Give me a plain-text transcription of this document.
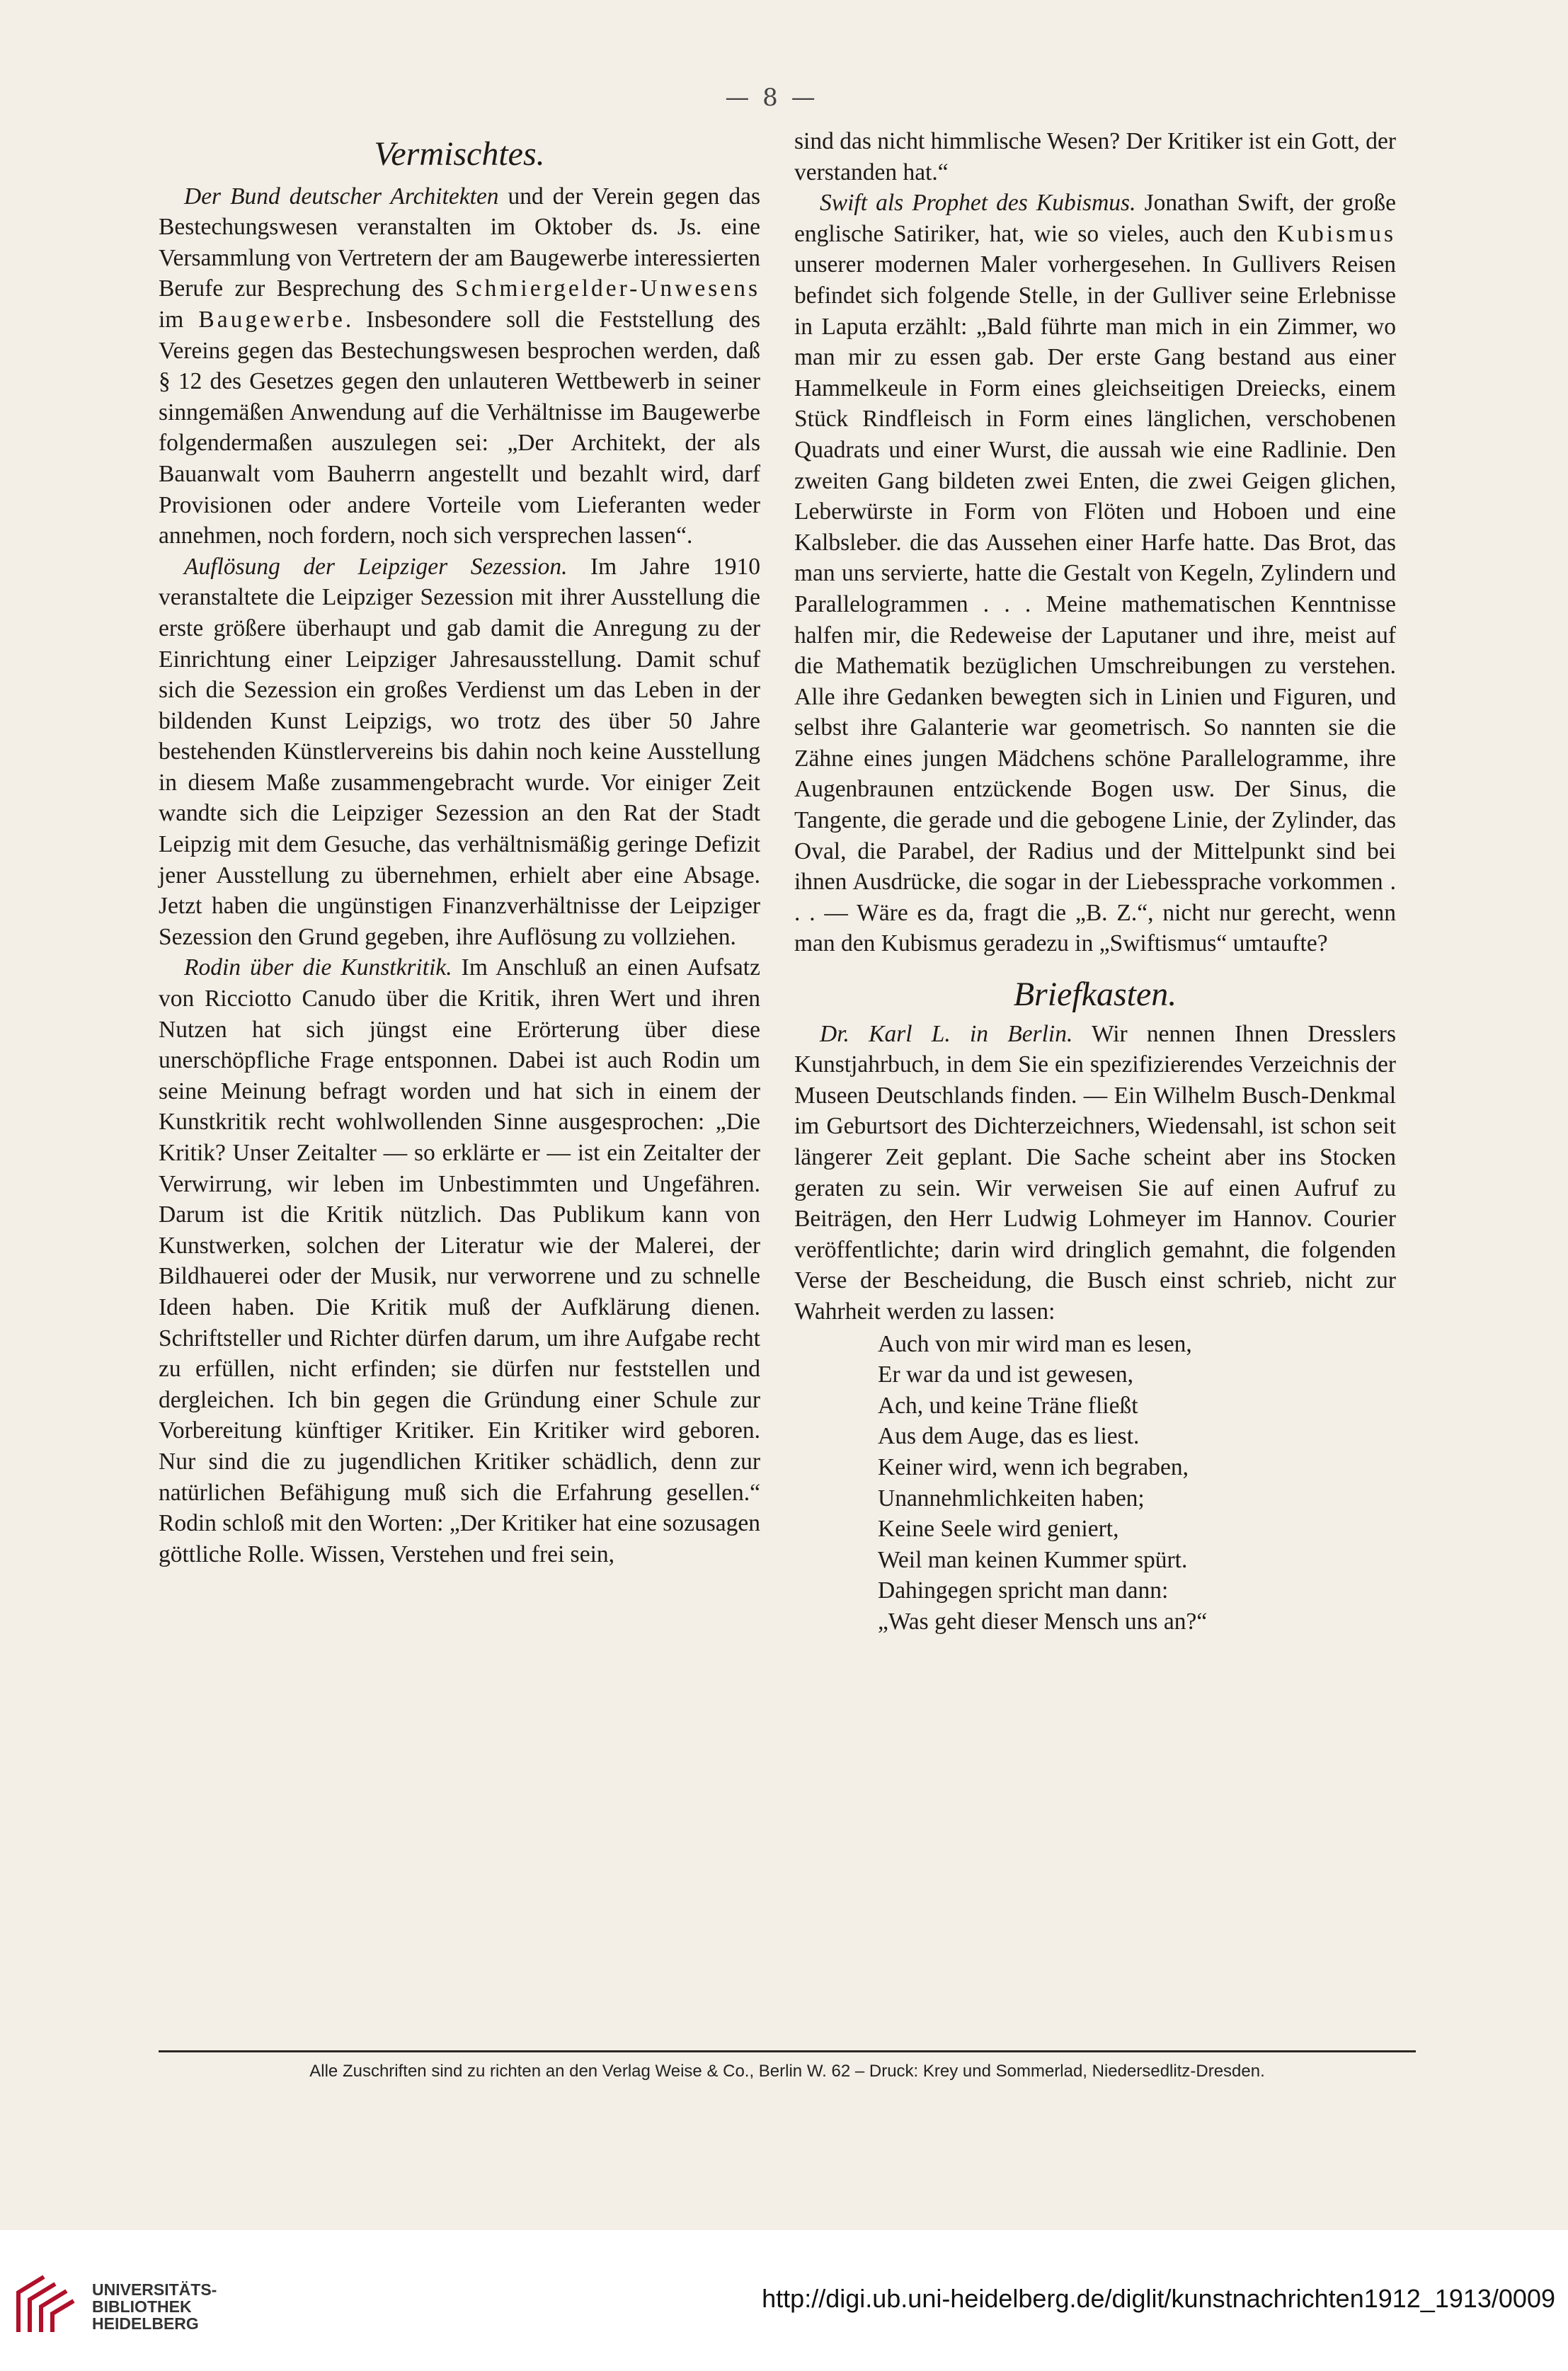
— 8 —
Vermischtes.

Der Bund deutscher Architekten und der Verein gegen das Bestechungswesen veranstalten im Oktober ds. Js. eine Versammlung von Vertretern der am Baugewerbe interessierten Berufe zur Besprechung des Schmiergelder-Unwesens im Baugewerbe. Insbesondere soll die Feststellung des Vereins gegen das Bestechungswesen besprochen werden, daß § 12 des Gesetzes gegen den unlauteren Wettbewerb in seiner sinngemäßen Anwendung auf die Verhältnisse im Baugewerbe folgendermaßen auszulegen sei: „Der Architekt, der als Bauanwalt vom Bauherrn angestellt und bezahlt wird, darf Provisionen oder andere Vorteile vom Lieferanten weder annehmen, noch fordern, noch sich versprechen lassen“.

Auflösung der Leipziger Sezession. Im Jahre 1910 veranstaltete die Leipziger Sezession mit ihrer Ausstellung die erste größere überhaupt und gab damit die Anregung zu der Einrichtung einer Leipziger Jahresausstellung. Damit schuf sich die Sezession ein großes Verdienst um das Leben in der bildenden Kunst Leipzigs, wo trotz des über 50 Jahre bestehenden Künstlervereins bis dahin noch keine Ausstellung in diesem Maße zusammengebracht wurde. Vor einiger Zeit wandte sich die Leipziger Sezession an den Rat der Stadt Leipzig mit dem Gesuche, das verhältnismäßig geringe Defizit jener Ausstellung zu übernehmen, erhielt aber eine Absage. Jetzt haben die ungünstigen Finanzverhältnisse der Leipziger Sezession den Grund gegeben, ihre Auflösung zu vollziehen.

Rodin über die Kunstkritik. Im Anschluß an einen Aufsatz von Ricciotto Canudo über die Kritik, ihren Wert und ihren Nutzen hat sich jüngst eine Erörterung über diese unerschöpfliche Frage entsponnen. Dabei ist auch Rodin um seine Meinung befragt worden und hat sich in einem der Kunstkritik recht wohlwollenden Sinne ausgesprochen: „Die Kritik? Unser Zeitalter — so erklärte er — ist ein Zeitalter der Verwirrung, wir leben im Unbestimmten und Ungefähren. Darum ist die Kritik nützlich. Das Publikum kann von Kunstwerken, solchen der Literatur wie der Malerei, der Bildhauerei oder der Musik, nur verworrene und zu schnelle Ideen haben. Die Kritik muß der Aufklärung dienen. Schriftsteller und Richter dürfen darum, um ihre Aufgabe recht zu erfüllen, nicht erfinden; sie dürfen nur feststellen und dergleichen. Ich bin gegen die Gründung einer Schule zur Vorbereitung künftiger Kritiker. Ein Kritiker wird geboren. Nur sind die zu jugendlichen Kritiker schädlich, denn zur natürlichen Befähigung muß sich die Erfahrung gesellen.“ Rodin schloß mit den Worten: „Der Kritiker hat eine sozusagen göttliche Rolle. Wissen, Verstehen und frei sein,

sind das nicht himmlische Wesen? Der Kritiker ist ein Gott, der verstanden hat.“

Swift als Prophet des Kubismus. Jonathan Swift, der große englische Satiriker, hat, wie so vieles, auch den Kubismus unserer modernen Maler vorhergesehen. In Gullivers Reisen befindet sich folgende Stelle, in der Gulliver seine Erlebnisse in Laputa erzählt: „Bald führte man mich in ein Zimmer, wo man mir zu essen gab. Der erste Gang bestand aus einer Hammelkeule in Form eines gleichseitigen Dreiecks, einem Stück Rindfleisch in Form eines länglichen, verschobenen Quadrats und einer Wurst, die aussah wie eine Radlinie. Den zweiten Gang bildeten zwei Enten, die zwei Geigen glichen, Leberwürste in Form von Flöten und Hoboen und eine Kalbsleber. die das Aussehen einer Harfe hatte. Das Brot, das man uns servierte, hatte die Gestalt von Kegeln, Zylindern und Parallelogrammen . . . Meine mathematischen Kenntnisse halfen mir, die Redeweise der Laputaner und ihre, meist auf die Mathematik bezüglichen Umschreibungen zu verstehen. Alle ihre Gedanken bewegten sich in Linien und Figuren, und selbst ihre Galanterie war geometrisch. So nannten sie die Zähne eines jungen Mädchens schöne Parallelogramme, ihre Augenbraunen entzückende Bogen usw. Der Sinus, die Tangente, die gerade und die gebogene Linie, der Zylinder, das Oval, die Parabel, der Radius und der Mittelpunkt sind bei ihnen Ausdrücke, die sogar in der Liebessprache vorkommen . . . — Wäre es da, fragt die „B. Z.“, nicht nur gerecht, wenn man den Kubismus geradezu in „Swiftismus“ umtaufte?

Briefkasten.

Dr. Karl L. in Berlin. Wir nennen Ihnen Dresslers Kunstjahrbuch, in dem Sie ein spezifizierendes Verzeichnis der Museen Deutschlands finden. — Ein Wilhelm Busch-Denkmal im Geburtsort des Dichterzeichners, Wiedensahl, ist schon seit längerer Zeit geplant. Die Sache scheint aber ins Stocken geraten zu sein. Wir verweisen Sie auf einen Aufruf zu Beiträgen, den Herr Ludwig Lohmeyer im Hannov. Courier veröffentlichte; darin wird dringlich gemahnt, die folgenden Verse der Bescheidung, die Busch einst schrieb, nicht zur Wahrheit werden zu lassen:

Auch von mir wird man es lesen,
Er war da und ist gewesen,
Ach, und keine Träne fließt
Aus dem Auge, das es liest.
Keiner wird, wenn ich begraben,
Unannehmlichkeiten haben;
Keine Seele wird geniert,
Weil man keinen Kummer spürt.
Dahingegen spricht man dann:
„Was geht dieser Mensch uns an?“
Alle Zuschriften sind zu richten an den Verlag Weise & Co., Berlin W. 62 – Druck: Krey und Sommerlad, Niedersedlitz-Dresden.
UNIVERSITÄTS-
BIBLIOTHEK
HEIDELBERG
http://digi.ub.uni-heidelberg.de/diglit/kunstnachrichten1912_1913/0009
